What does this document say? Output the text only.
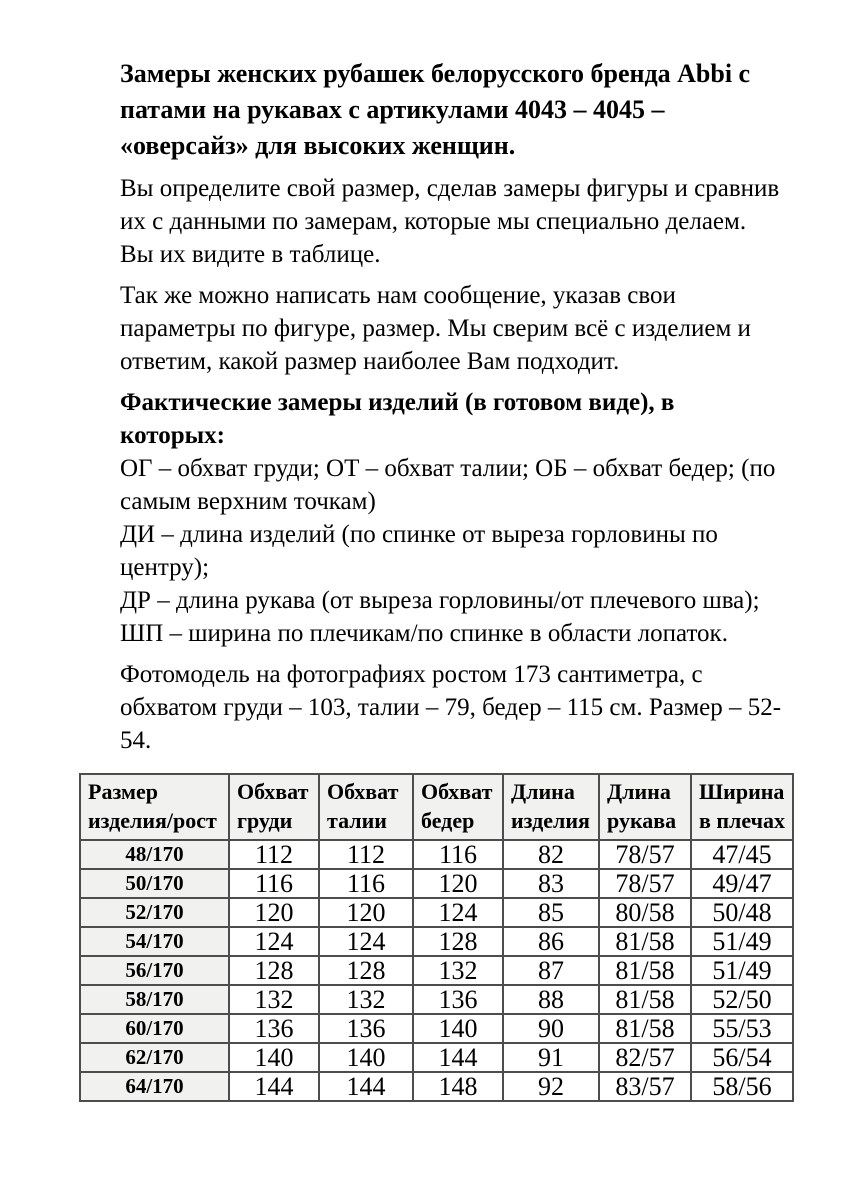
Замеры женских рубашек белорусского бренда Abbi с патами на рукавах с артикулами 4043 – 4045 – «оверсайз» для высоких женщин.

Вы определите свой размер, сделав замеры фигуры и сравнив их с данными по замерам, которые мы специально делаем. Вы их видите в таблице.

Так же можно написать нам сообщение, указав свои параметры по фигуре, размер. Мы сверим всё с изделием и ответим, какой размер наиболее Вам подходит.

Фактические замеры изделий (в готовом виде), в которых:

ОГ – обхват груди; ОТ – обхват талии; ОБ – обхват бедер; (по самым верхним точкам)
ДИ – длина изделий (по спинке от выреза горловины по центру);
ДР – длина рукава (от выреза горловины/от плечевого шва);
ШП – ширина по плечикам/по спинке в области лопаток.

Фотомодель на фотографиях ростом 173 сантиметра, с обхватом груди – 103, талии – 79, бедер – 115 см. Размер – 52-54.

Размер изделия/рост	Обхват груди	Обхват талии	Обхват бедер	Длина изделия	Длина рукава	Ширина в плечах
48/170	112	112	116	82	78/57	47/45
50/170	116	116	120	83	78/57	49/47
52/170	120	120	124	85	80/58	50/48
54/170	124	124	128	86	81/58	51/49
56/170	128	128	132	87	81/58	51/49
58/170	132	132	136	88	81/58	52/50
60/170	136	136	140	90	81/58	55/53
62/170	140	140	144	91	82/57	56/54
64/170	144	144	148	92	83/57	58/56
